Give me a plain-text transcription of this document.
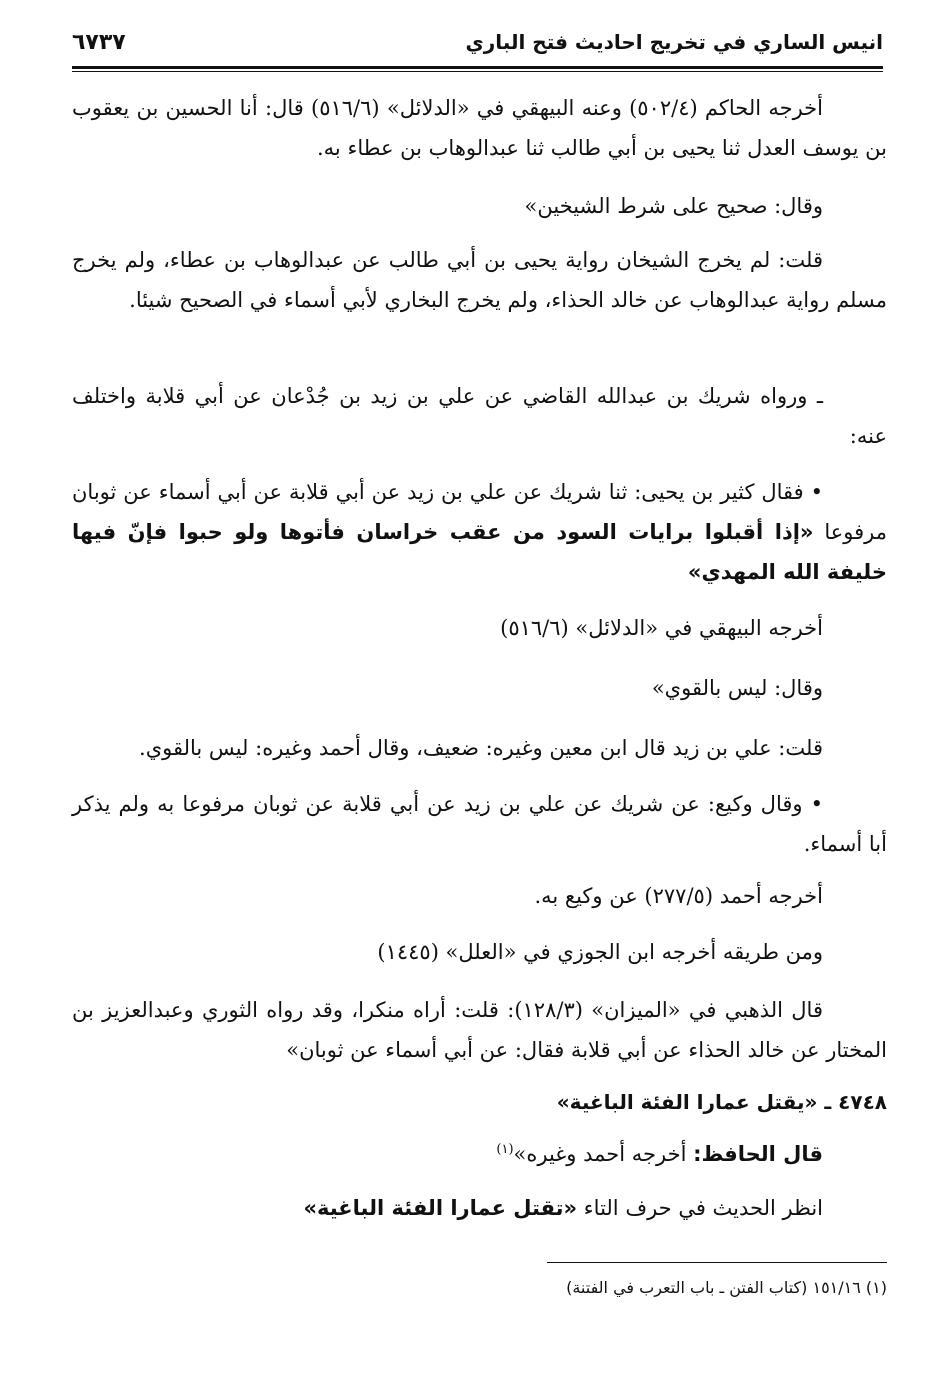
انيس الساري في تخريج احاديث فتح الباري
٦٧٣٧
أخرجه الحاكم (٥٠٢/٤) وعنه البيهقي في «الدلائل» (٥١٦/٦) قال: أنا الحسين بن يعقوب بن يوسف العدل ثنا يحيى بن أبي طالب ثنا عبدالوهاب بن عطاء به.
وقال: صحيح على شرط الشيخين»
قلت: لم يخرج الشيخان رواية يحيى بن أبي طالب عن عبدالوهاب بن عطاء، ولم يخرج مسلم رواية عبدالوهاب عن خالد الحذاء، ولم يخرج البخاري لأبي أسماء في الصحيح شيئا.
ـ ورواه شريك بن عبدالله القاضي عن علي بن زيد بن جُدْعان عن أبي قلابة واختلف عنه:
• فقال كثير بن يحيى: ثنا شريك عن علي بن زيد عن أبي قلابة عن أبي أسماء عن ثوبان مرفوعا «إذا أقبلوا برايات السود من عقب خراسان فأتوها ولو حبوا فإنّ فيها خليفة الله المهدي»
أخرجه البيهقي في «الدلائل» (٥١٦/٦)
وقال: ليس بالقوي»
قلت: علي بن زيد قال ابن معين وغيره: ضعيف، وقال أحمد وغيره: ليس بالقوي.
• وقال وكيع: عن شريك عن علي بن زيد عن أبي قلابة عن ثوبان مرفوعا به ولم يذكر أبا أسماء.
أخرجه أحمد (٢٧٧/٥) عن وكيع به.
ومن طريقه أخرجه ابن الجوزي في «العلل» (١٤٤٥)
قال الذهبي في «الميزان» (١٢٨/٣): قلت: أراه منكرا، وقد رواه الثوري وعبدالعزيز بن المختار عن خالد الحذاء عن أبي قلابة فقال: عن أبي أسماء عن ثوبان»
٤٧٤٨ ـ «يقتل عمارا الفئة الباغية»
قال الحافظ: أخرجه أحمد وغيره»$^{(١)}$
انظر الحديث في حرف التاء «تقتل عمارا الفئة الباغية»
(١) ١٥١/١٦ (كتاب الفتن ـ باب التعرب في الفتنة)
